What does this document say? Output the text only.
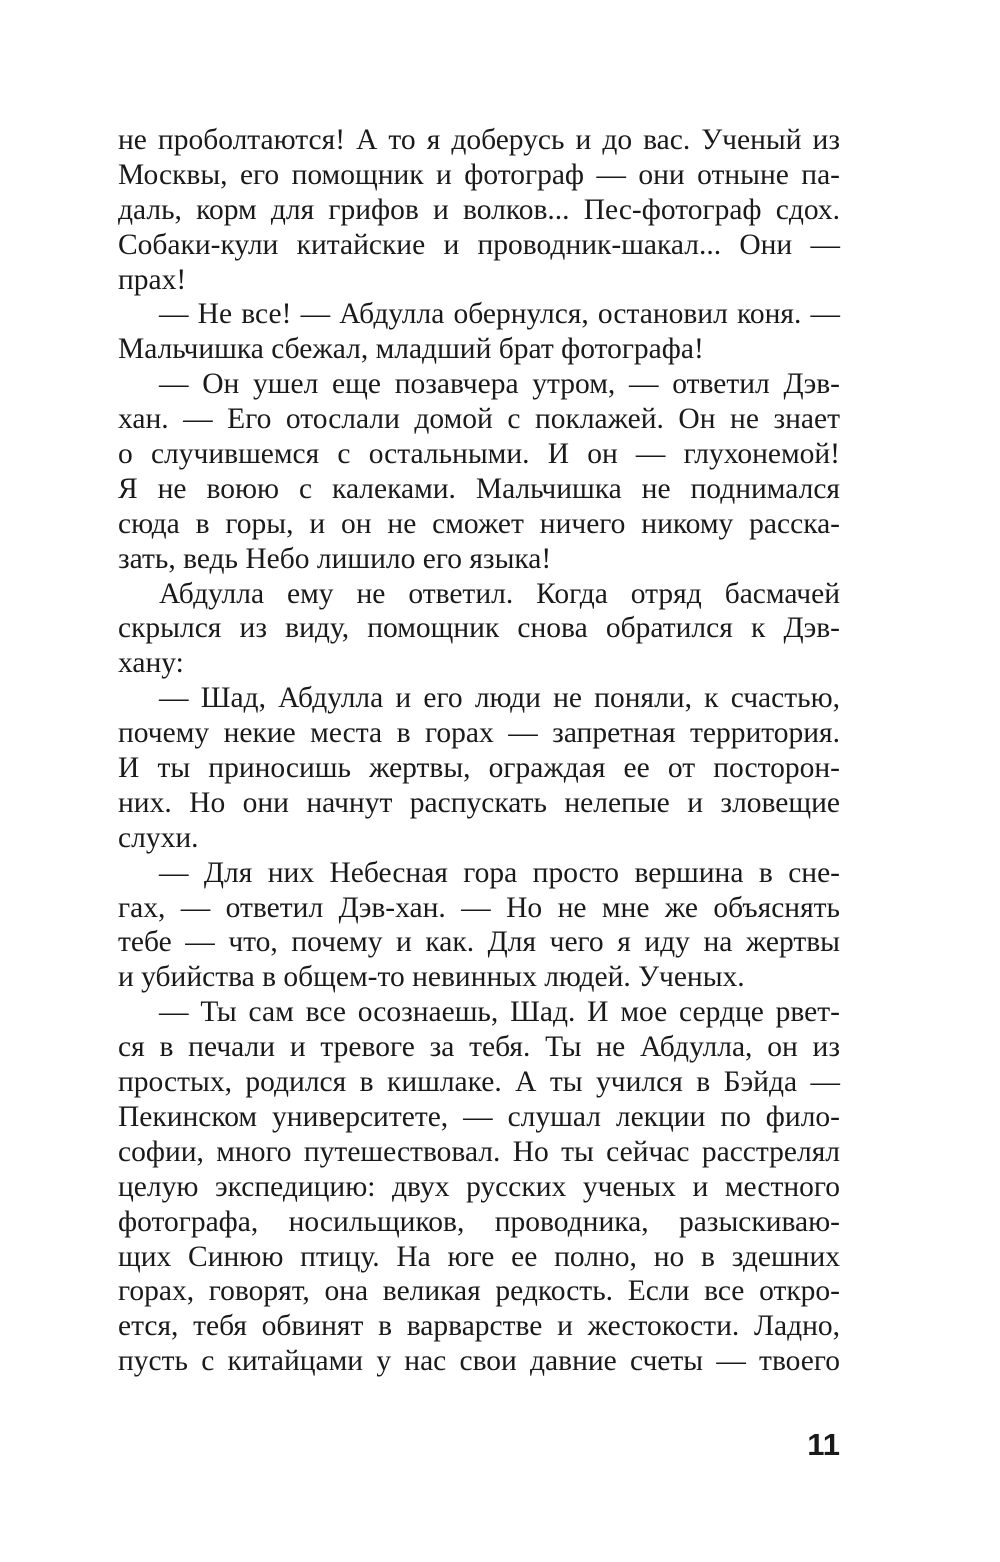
не проболтаются! А то я доберусь и до вас. Ученый из
Москвы, его помощник и фотограф — они отныне па-
даль, корм для грифов и волков... Пес-фотограф сдох.
Собаки-кули китайские и проводник-шакал... Они —
прах!
— Не все! — Абдулла обернулся, остановил коня. —
Мальчишка сбежал, младший брат фотографа!
— Он ушел еще позавчера утром, — ответил Дэв-
хан. — Его отослали домой с поклажей. Он не знает
о случившемся с остальными. И он — глухонемой!
Я не воюю с калеками. Мальчишка не поднимался
сюда в горы, и он не сможет ничего никому расска-
зать, ведь Небо лишило его языка!
Абдулла ему не ответил. Когда отряд басмачей
скрылся из виду, помощник снова обратился к Дэв-
хану:
— Шад, Абдулла и его люди не поняли, к счастью,
почему некие места в горах — запретная территория.
И ты приносишь жертвы, ограждая ее от посторон-
них. Но они начнут распускать нелепые и зловещие
слухи.
— Для них Небесная гора просто вершина в сне-
гах, — ответил Дэв-хан. — Но не мне же объяснять
тебе — что, почему и как. Для чего я иду на жертвы
и убийства в общем-то невинных людей. Ученых.
— Ты сам все осознаешь, Шад. И мое сердце рвет-
ся в печали и тревоге за тебя. Ты не Абдулла, он из
простых, родился в кишлаке. А ты учился в Бэйда —
Пекинском университете, — слушал лекции по фило-
софии, много путешествовал. Но ты сейчас расстрелял
целую экспедицию: двух русских ученых и местного
фотографа, носильщиков, проводника, разыскиваю-
щих Синюю птицу. На юге ее полно, но в здешних
горах, говорят, она великая редкость. Если все откро-
ется, тебя обвинят в варварстве и жестокости. Ладно,
пусть с китайцами у нас свои давние счеты — твоего
11
